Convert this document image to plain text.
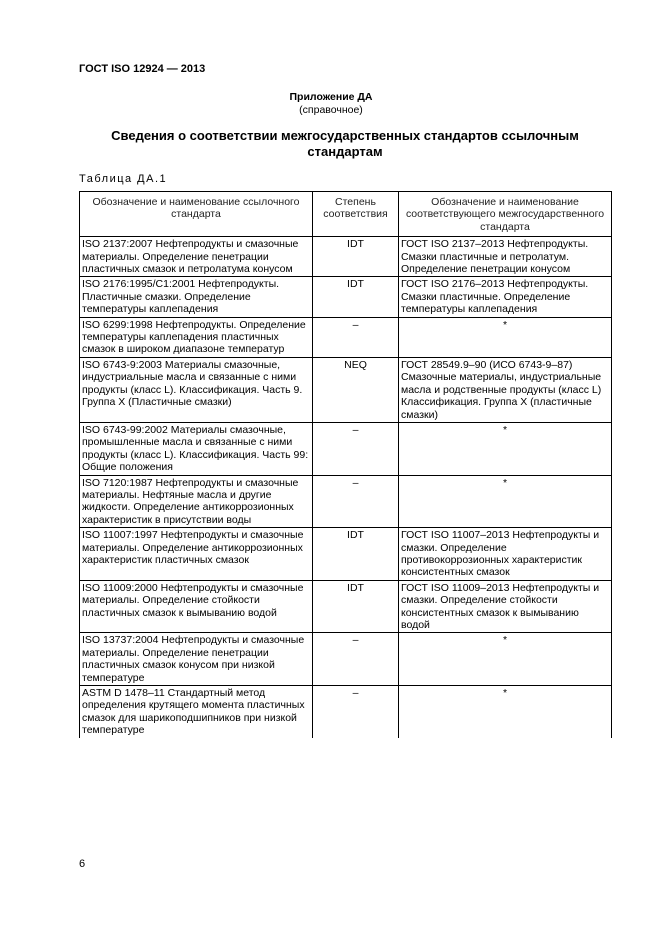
ГОСТ ISO 12924 — 2013
Приложение ДА
(справочное)
Сведения о соответствии межгосударственных стандартов ссылочным стандартам
Таблица ДА.1
Обозначение и наименование ссылочного стандарта	Степень соответствия	Обозначение и наименование соответствующего межгосударственного стандарта
ISO 2137:2007 Нефтепродукты и смазочные материалы. Определение пенетрации пластичных смазок и петролатума конусом	IDT	ГОСТ ISO 2137–2013 Нефтепродукты. Смазки пластичные и петролатум. Определение пенетрации конусом
ISO 2176:1995/C1:2001 Нефтепродукты. Пластичные смазки. Определение температуры каплепадения	IDT	ГОСТ ISO 2176–2013 Нефтепродукты. Смазки пластичные. Определение температуры каплепадения
ISO 6299:1998 Нефтепродукты. Определение температуры каплепадения пластичных смазок в широком диапазоне температур	–	*
ISO 6743-9:2003 Материалы смазочные, индустриальные масла и связанные с ними продукты (класс L). Классификация. Часть 9. Группа X (Пластичные смазки)	NEQ	ГОСТ 28549.9–90 (ИСО 6743-9–87) Смазочные материалы, индустриальные масла и родственные продукты (класс L) Классификация. Группа X (пластичные смазки)
ISO 6743-99:2002 Материалы смазочные, промышленные масла и связанные с ними продукты (класс L). Классификация. Часть 99: Общие положения	–	*
ISO 7120:1987 Нефтепродукты и смазочные материалы. Нефтяные масла и другие жидкости. Определение антикоррозионных характеристик в присутствии воды	–	*
ISO 11007:1997 Нефтепродукты и смазочные материалы. Определение антикоррозионных характеристик пластичных смазок	IDT	ГОСТ ISO 11007–2013 Нефтепродукты и смазки. Определение противокоррозионных характеристик консистентных смазок
ISO 11009:2000 Нефтепродукты и смазочные материалы. Определение стойкости пластичных смазок к вымыванию водой	IDT	ГОСТ ISO 11009–2013 Нефтепродукты и смазки. Определение стойкости консистентных смазок к вымыванию водой
ISO 13737:2004 Нефтепродукты и смазочные материалы. Определение пенетрации пластичных смазок конусом при низкой температуре	–	*
ASTM D 1478–11 Стандартный метод определения крутящего момента пластичных смазок для шарикоподшипников при низкой температуре	–	*
6
